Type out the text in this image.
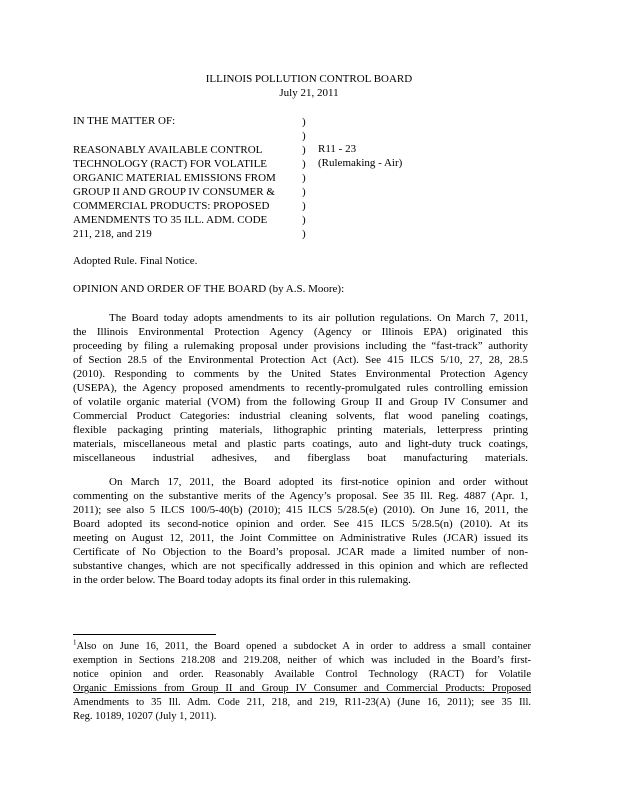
ILLINOIS POLLUTION CONTROL BOARD
July 21, 2011
IN THE MATTER OF:
REASONABLY AVAILABLE CONTROL
TECHNOLOGY (RACT) FOR VOLATILE
ORGANIC MATERIAL EMISSIONS FROM
GROUP II AND GROUP IV CONSUMER &
COMMERCIAL PRODUCTS: PROPOSED
AMENDMENTS TO 35 ILL. ADM. CODE
211, 218, and 219
)
)
)
)
)
)
)
)
)
R11 - 23
(Rulemaking - Air)
Adopted Rule. Final Notice.
OPINION AND ORDER OF THE BOARD (by A.S. Moore):
The Board today adopts amendments to its air pollution regulations. On March 7, 2011,
the Illinois Environmental Protection Agency (Agency or Illinois EPA) originated this
proceeding by filing a rulemaking proposal under provisions including the “fast-track” authority
of Section 28.5 of the Environmental Protection Act (Act). See 415 ILCS 5/10, 27, 28, 28.5
(2010). Responding to comments by the United States Environmental Protection Agency
(USEPA), the Agency proposed amendments to recently-promulgated rules controlling emission
of volatile organic material (VOM) from the following Group II and Group IV Consumer and
Commercial Product Categories: industrial cleaning solvents, flat wood paneling coatings,
flexible packaging printing materials, lithographic printing materials, letterpress printing
materials, miscellaneous metal and plastic parts coatings, auto and light-duty truck coatings,
miscellaneous industrial adhesives, and fiberglass boat manufacturing materials.
On March 17, 2011, the Board adopted its first-notice opinion and order without
commenting on the substantive merits of the Agency’s proposal. See 35 Ill. Reg. 4887 (Apr. 1,
2011); see also 5 ILCS 100/5-40(b) (2010); 415 ILCS 5/28.5(e) (2010). On June 16, 2011, the
Board adopted its second-notice opinion and order. See 415 ILCS 5/28.5(n) (2010). At its
meeting on August 12, 2011, the Joint Committee on Administrative Rules (JCAR) issued its
Certificate of No Objection to the Board’s proposal. JCAR made a limited number of non-
substantive changes, which are not specifically addressed in this opinion and which are reflected
in the order below. The Board today adopts its final order in this rulemaking.
$^1$Also on June 16, 2011, the Board opened a subdocket A in order to address a small container
exemption in Sections 218.208 and 219.208, neither of which was included in the Board’s first-
notice opinion and order. Reasonably Available Control Technology (RACT) for Volatile
Organic Emissions from Group II and Group IV Consumer and Commercial Products: Proposed
Amendments to 35 Ill. Adm. Code 211, 218, and 219, R11-23(A) (June 16, 2011); see 35 Ill.
Reg. 10189, 10207 (July 1, 2011).
